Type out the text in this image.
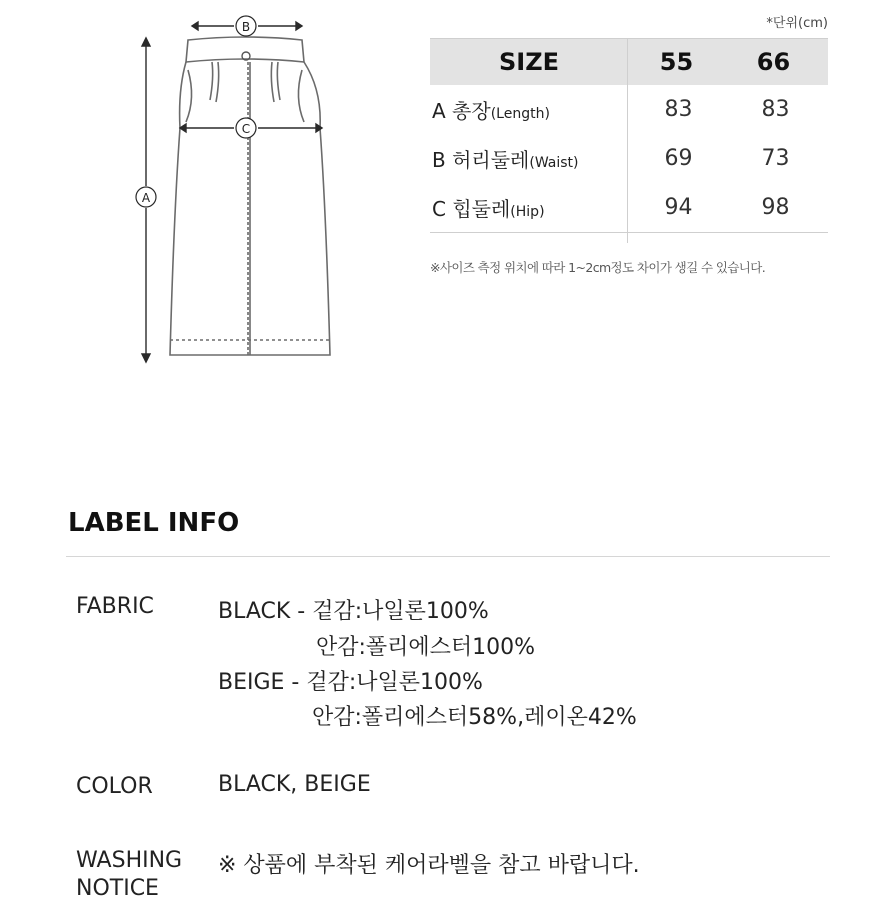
B
C
A
*단위(cm)
SIZE	55	66
A 총장(Length)	83	83
B 허리둘레(Waist)	69	73
C 힙둘레(Hip)	94	98
※사이즈 측정 위치에 따라 1~2cm정도 차이가 생길 수 있습니다.
LABEL INFO
FABRIC	BLACK - 겉감:나일론100%
안감:폴리에스터100%
BEIGE - 겉감:나일론100%
안감:폴리에스터58%,레이온42%
COLOR	BLACK, BEIGE
WASHING
NOTICE
※ 상품에 부착된 케어라벨을 참고 바랍니다.
